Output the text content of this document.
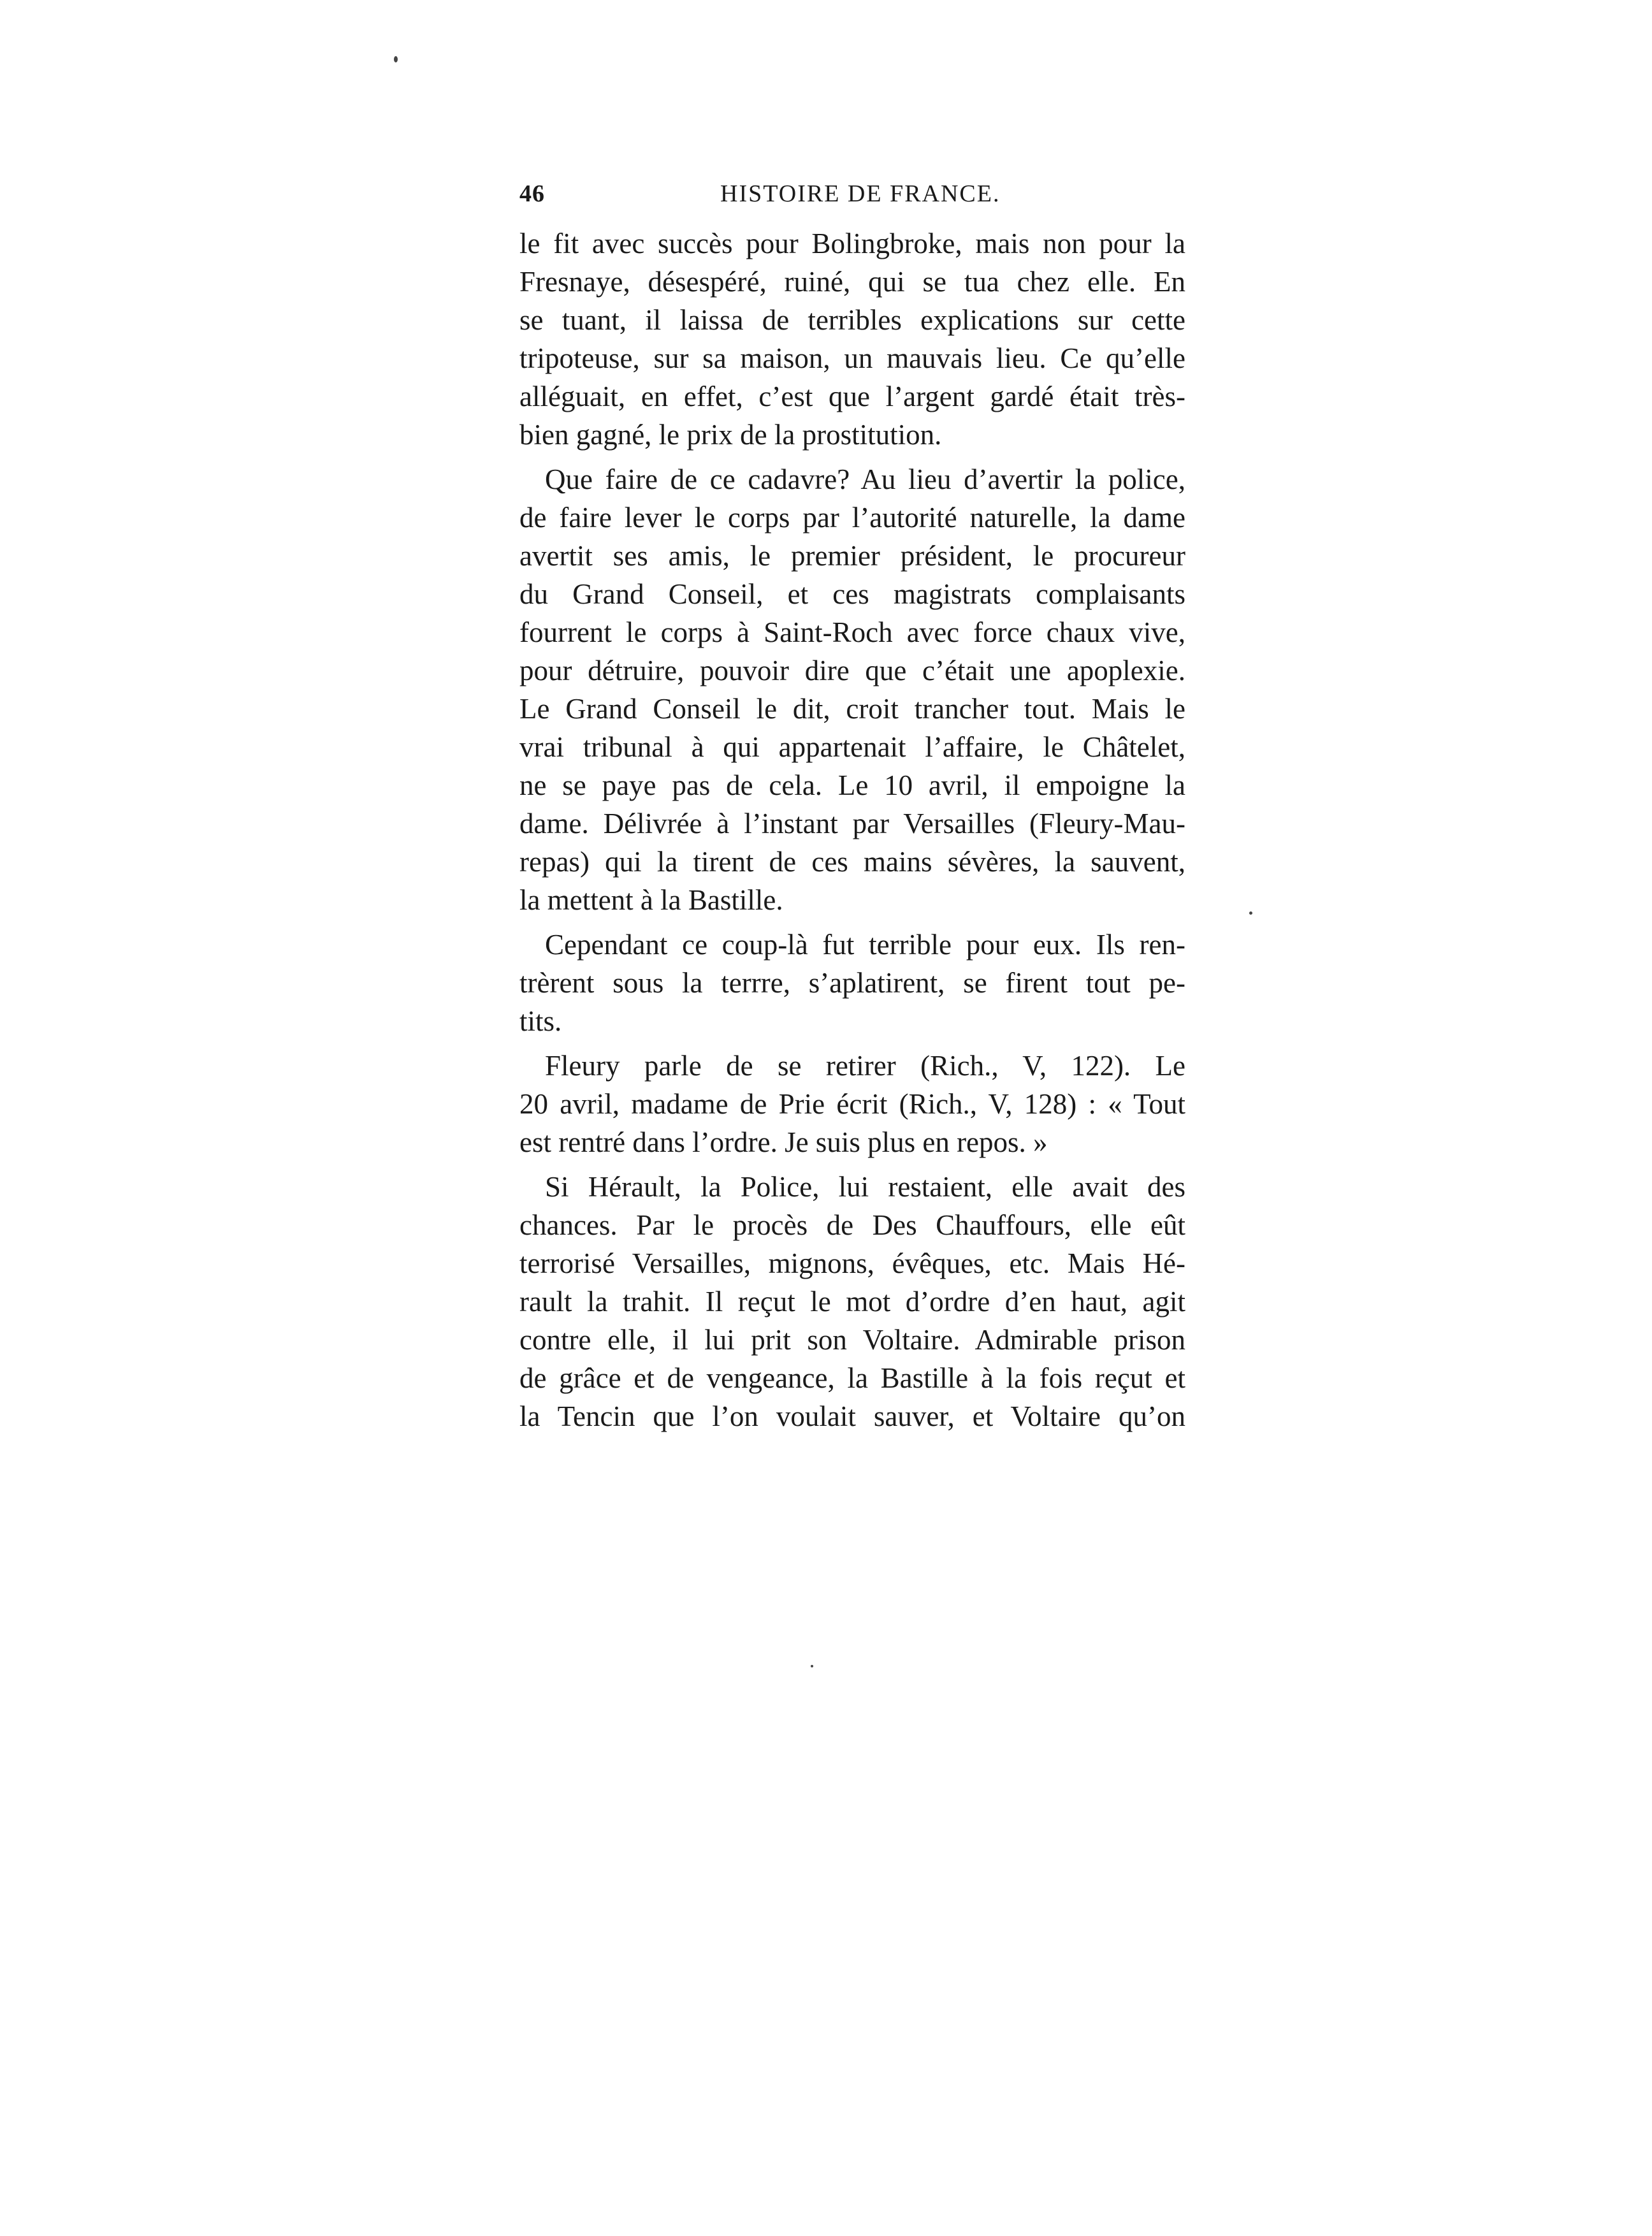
46	HISTOIRE DE FRANCE.
le fit avec succès pour Bolingbroke, mais non pour la
Fresnaye, désespéré, ruiné, qui se tua chez elle. En
se tuant, il laissa de terribles explications sur cette
tripoteuse, sur sa maison, un mauvais lieu. Ce qu’elle
alléguait, en effet, c’est que l’argent gardé était très-
bien gagné, le prix de la prostitution.
Que faire de ce cadavre? Au lieu d’avertir la police,
de faire lever le corps par l’autorité naturelle, la dame
avertit ses amis, le premier président, le procureur
du Grand Conseil, et ces magistrats complaisants
fourrent le corps à Saint-Roch avec force chaux vive,
pour détruire, pouvoir dire que c’était une apoplexie.
Le Grand Conseil le dit, croit trancher tout. Mais le
vrai tribunal à qui appartenait l’affaire, le Châtelet,
ne se paye pas de cela. Le 10 avril, il empoigne la
dame. Délivrée à l’instant par Versailles (Fleury-Mau-
repas) qui la tirent de ces mains sévères, la sauvent,
la mettent à la Bastille.
Cependant ce coup-là fut terrible pour eux. Ils ren-
trèrent sous la terrre, s’aplatirent, se firent tout pe-
tits.
Fleury parle de se retirer (Rich., V, 122). Le
20 avril, madame de Prie écrit (Rich., V, 128) : « Tout
est rentré dans l’ordre. Je suis plus en repos. »
Si Hérault, la Police, lui restaient, elle avait des
chances. Par le procès de Des Chauffours, elle eût
terrorisé Versailles, mignons, évêques, etc. Mais Hé-
rault la trahit. Il reçut le mot d’ordre d’en haut, agit
contre elle, il lui prit son Voltaire. Admirable prison
de grâce et de vengeance, la Bastille à la fois reçut et
la Tencin que l’on voulait sauver, et Voltaire qu’on
